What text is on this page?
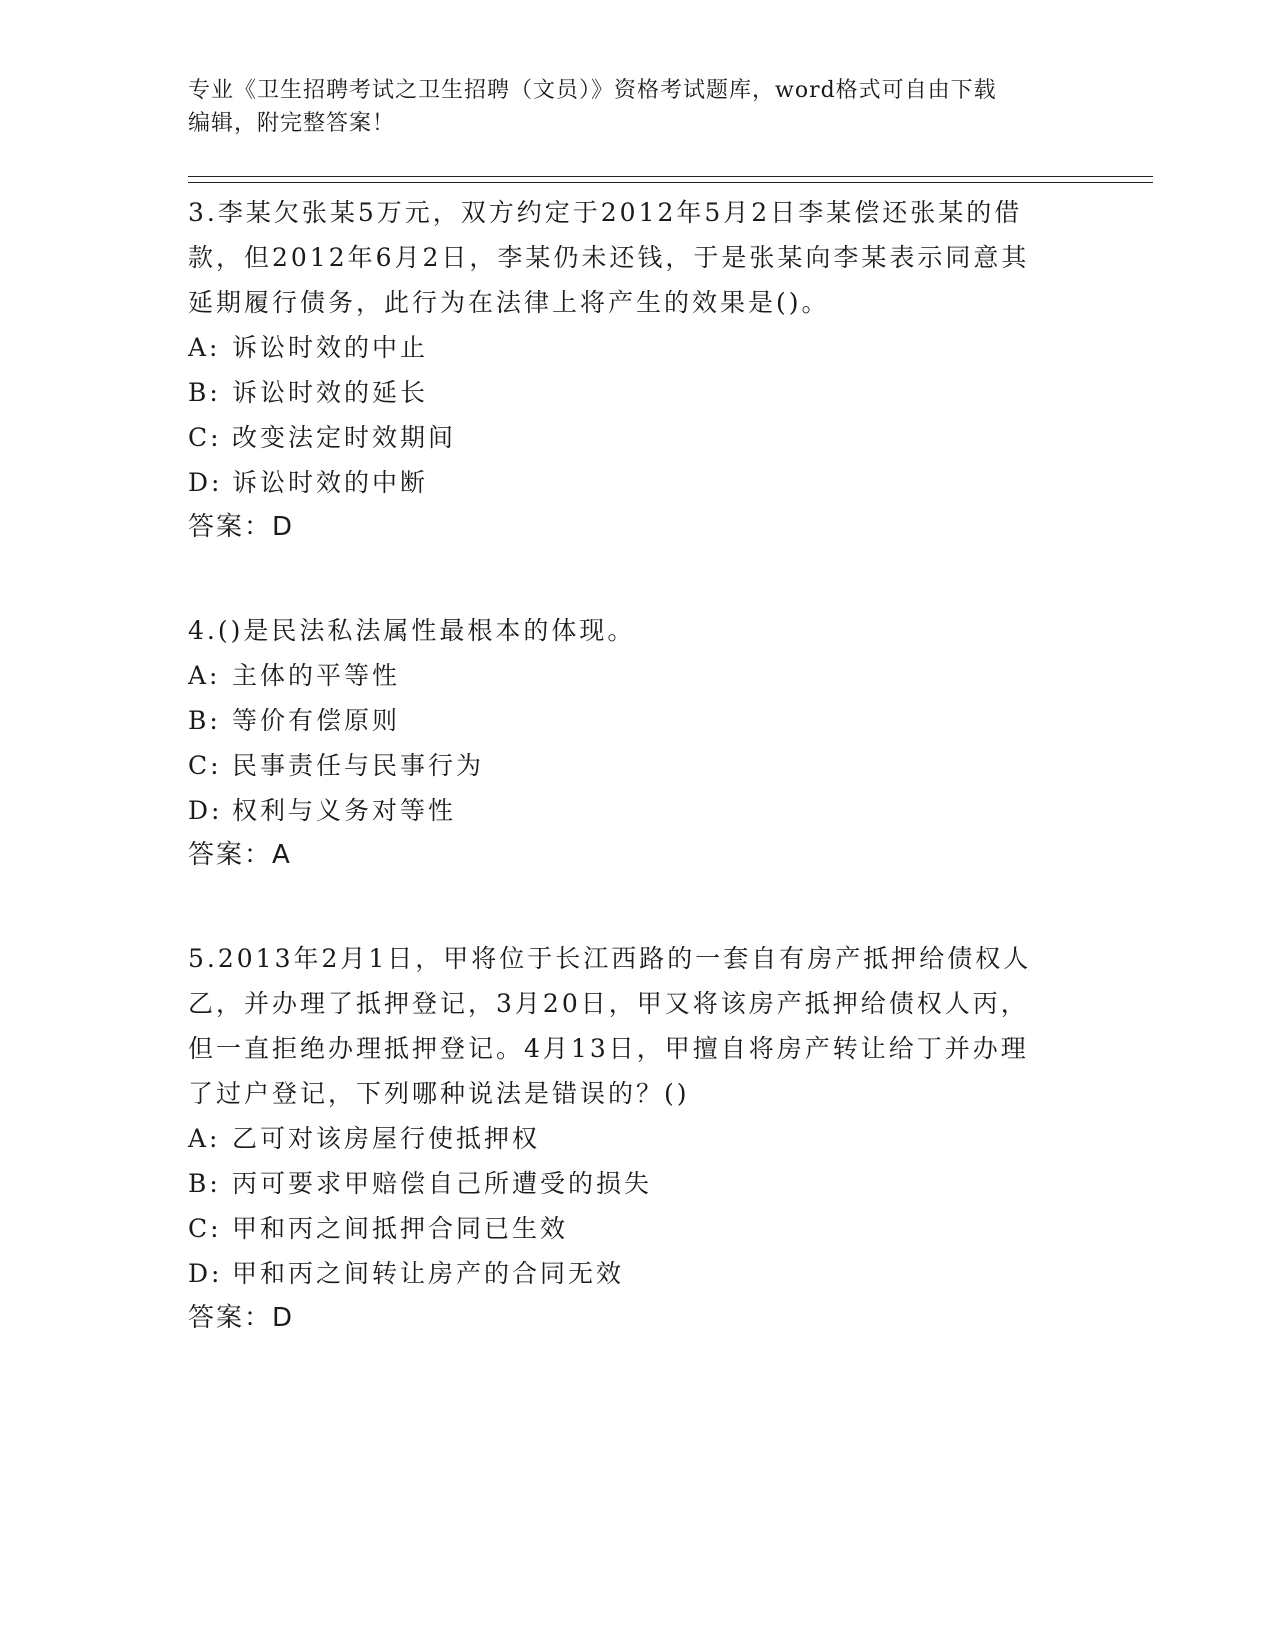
专业《卫生招聘考试之卫生招聘（文员）》资格考试题库，word格式可自由下载
编辑，附完整答案！
3.李某欠张某5万元，双方约定于2012年5月2日李某偿还张某的借
款，但2012年6月2日，李某仍未还钱，于是张某向李某表示同意其
延期履行债务，此行为在法律上将产生的效果是()。
A: 诉讼时效的中止
B: 诉讼时效的延长
C: 改变法定时效期间
D: 诉讼时效的中断
答案：D
4.()是民法私法属性最根本的体现。
A: 主体的平等性
B: 等价有偿原则
C: 民事责任与民事行为
D: 权利与义务对等性
答案：A
5.2013年2月1日，甲将位于长江西路的一套自有房产抵押给债权人
乙，并办理了抵押登记，3月20日，甲又将该房产抵押给债权人丙，
但一直拒绝办理抵押登记。4月13日，甲擅自将房产转让给丁并办理
了过户登记，下列哪种说法是错误的？()
A: 乙可对该房屋行使抵押权
B: 丙可要求甲赔偿自己所遭受的损失
C: 甲和丙之间抵押合同已生效
D: 甲和丙之间转让房产的合同无效
答案：D
